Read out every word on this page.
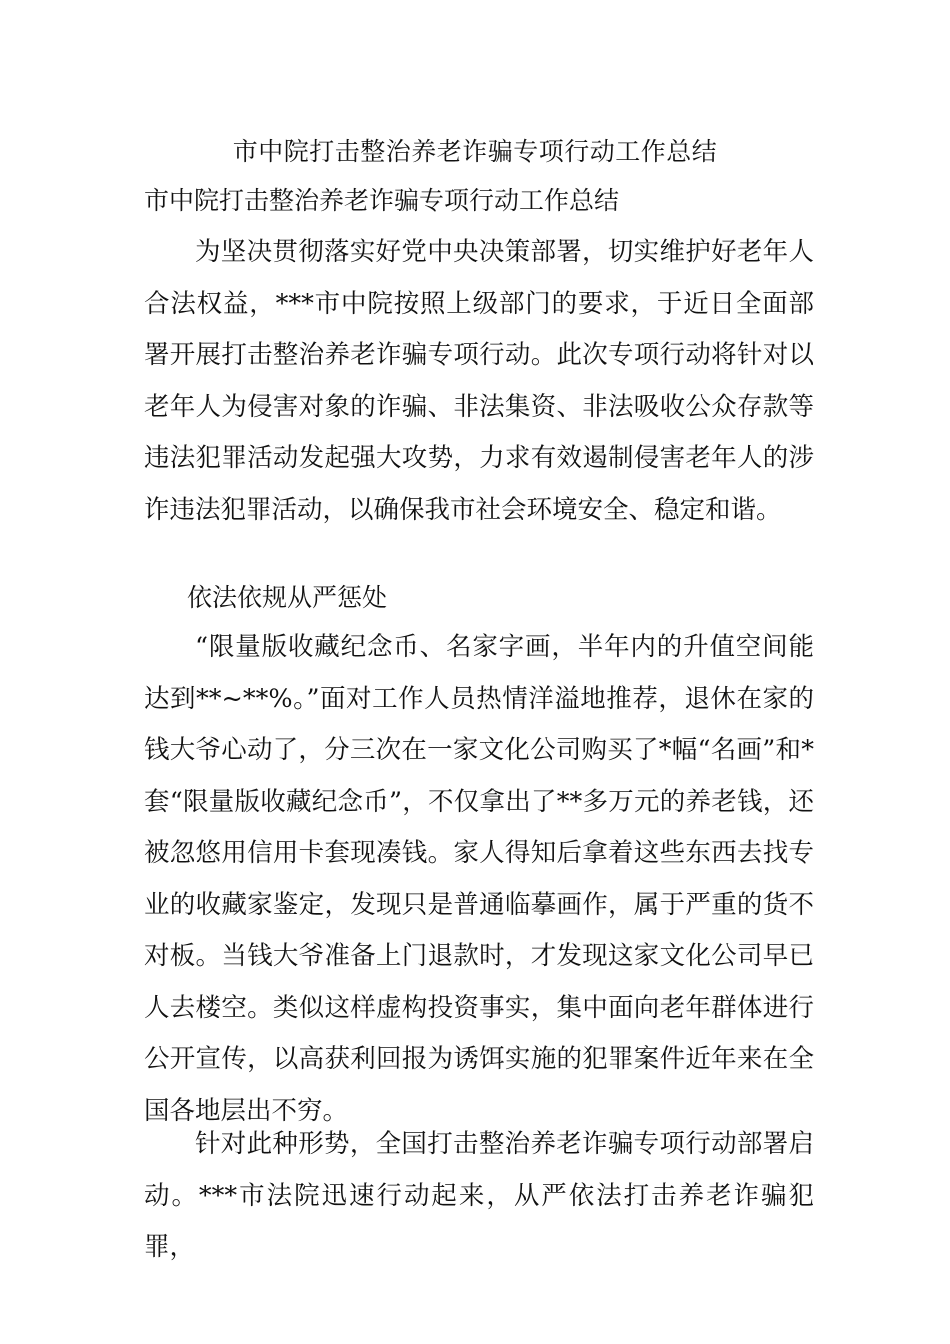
市中院打击整治养老诈骗专项行动工作总结
市中院打击整治养老诈骗专项行动工作总结

为坚决贯彻落实好党中央决策部署，切实维护好老年人合法权益，***市中院按照上级部门的要求，于近日全面部署开展打击整治养老诈骗专项行动。此次专项行动将针对以老年人为侵害对象的诈骗、非法集资、非法吸收公众存款等违法犯罪活动发起强大攻势，力求有效遏制侵害老年人的涉诈违法犯罪活动，以确保我市社会环境安全、稳定和谐。

依法依规从严惩处

“限量版收藏纪念币、名家字画，半年内的升值空间能达到**~**%。”面对工作人员热情洋溢地推荐，退休在家的钱大爷心动了，分三次在一家文化公司购买了*幅“名画”和*套“限量版收藏纪念币”，不仅拿出了**多万元的养老钱，还被忽悠用信用卡套现凑钱。家人得知后拿着这些东西去找专业的收藏家鉴定，发现只是普通临摹画作，属于严重的货不对板。当钱大爷准备上门退款时，才发现这家文化公司早已人去楼空。类似这样虚构投资事实，集中面向老年群体进行公开宣传，以高获利回报为诱饵实施的犯罪案件近年来在全国各地层出不穷。

针对此种形势，全国打击整治养老诈骗专项行动部署启动。***市法院迅速行动起来，从严依法打击养老诈骗犯罪，
